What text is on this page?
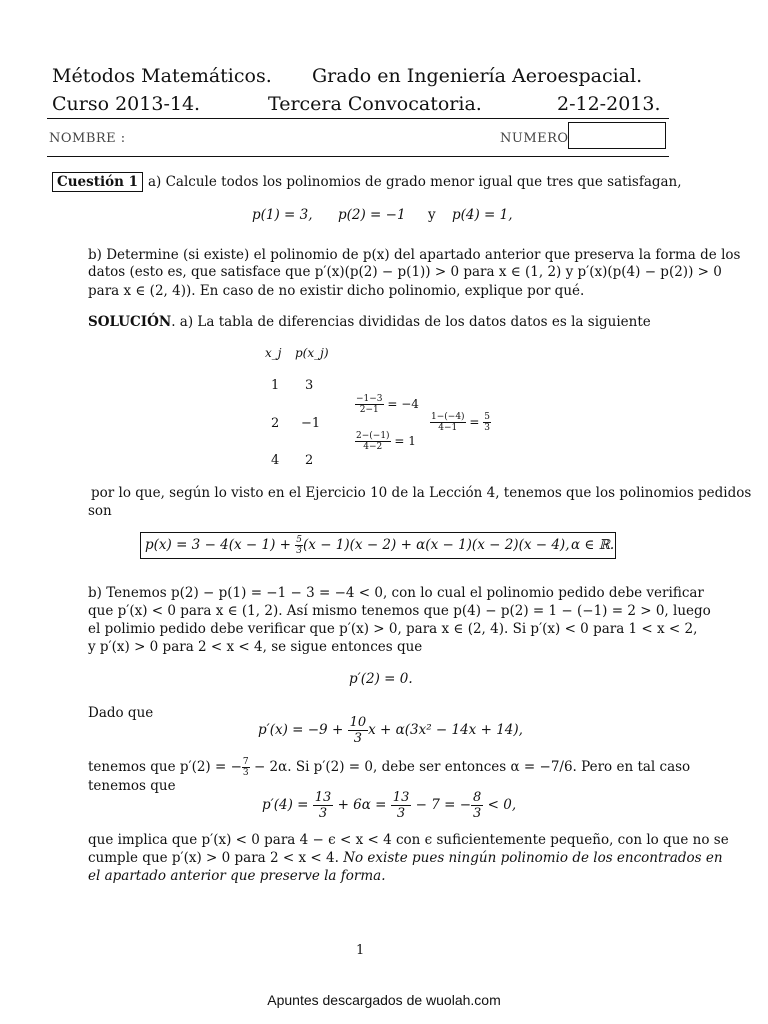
Métodos Matemáticos. Grado en Ingeniería Aeroespacial.
Curso 2013-14.	Tercera Convocatoria.	2-12-2013.
NOMBRE :	NUMERO
Cuestión 1 a) Calcule todos los polinomios de grado menor igual que tres que satisfagan,
p(1) = 3, p(2) = −1 y p(4) = 1,
b) Determine (si existe) el polinomio de p(x) del apartado anterior que preserva la forma de los
datos (esto es, que satisface que p′(x)(p(2) − p(1)) > 0 para x ∈ (1, 2) y p′(x)(p(4) − p(2)) > 0
para x ∈ (2, 4)). En caso de no existir dicho polinomio, explique por qué.
SOLUCIÓN. a) La tabla de diferencias divididas de los datos datos es la siguiente
x_j p(x_j)
1 3
2 −1
4 2
$\frac{-1-3}{2-1} = -4$
$\frac{2-(-1)}{4-2} = 1$
$\frac{1-(-4)}{4-1} = \frac{5}{3}$
por lo que, según lo visto en el Ejercicio 10 de la Lección 4, tenemos que los polinomios pedidos
son
$p(x) = 3 - 4(x - 1) + \frac{5}{3} (x - 1)(x - 2) + \alpha(x - 1)(x - 2)(x - 4)$, α ∈ ℝ.
b) Tenemos p(2) − p(1) = −1 − 3 = −4 < 0, con lo cual el polinomio pedido debe verificar
que p′(x) < 0 para x ∈ (1, 2). Así mismo tenemos que p(4) − p(2) = 1 − (−1) = 2 > 0, luego
el polimio pedido debe verificar que p′(x) > 0, para x ∈ (2, 4). Si p′(x) < 0 para 1 < x < 2,
y p′(x) > 0 para 2 < x < 4, se sigue entonces que
p′(2) = 0.
Dado que
$p'(x) = -9 + \frac{10}{3}$ x + α(3x² − 14x + 14),
tenemos que p′(2) = − $\frac{7}{3} - 2\alpha$. Si p′(2) = 0, debe ser entonces α = −7/6. Pero en tal caso
tenemos que
$p'(4) = \frac{13}{3} + 6\alpha = \frac{13}{3} - 7$ = − $\frac{8}{3} < 0$,
que implica que p′(x) < 0 para 4 − ϵ < x < 4 con ϵ suficientemente pequeño, con lo que no se
cumple que p′(x) > 0 para 2 < x < 4. No existe pues ningún polinomio de los encontrados en
el apartado anterior que preserve la forma.
1
Apuntes descargados de wuolah.com
